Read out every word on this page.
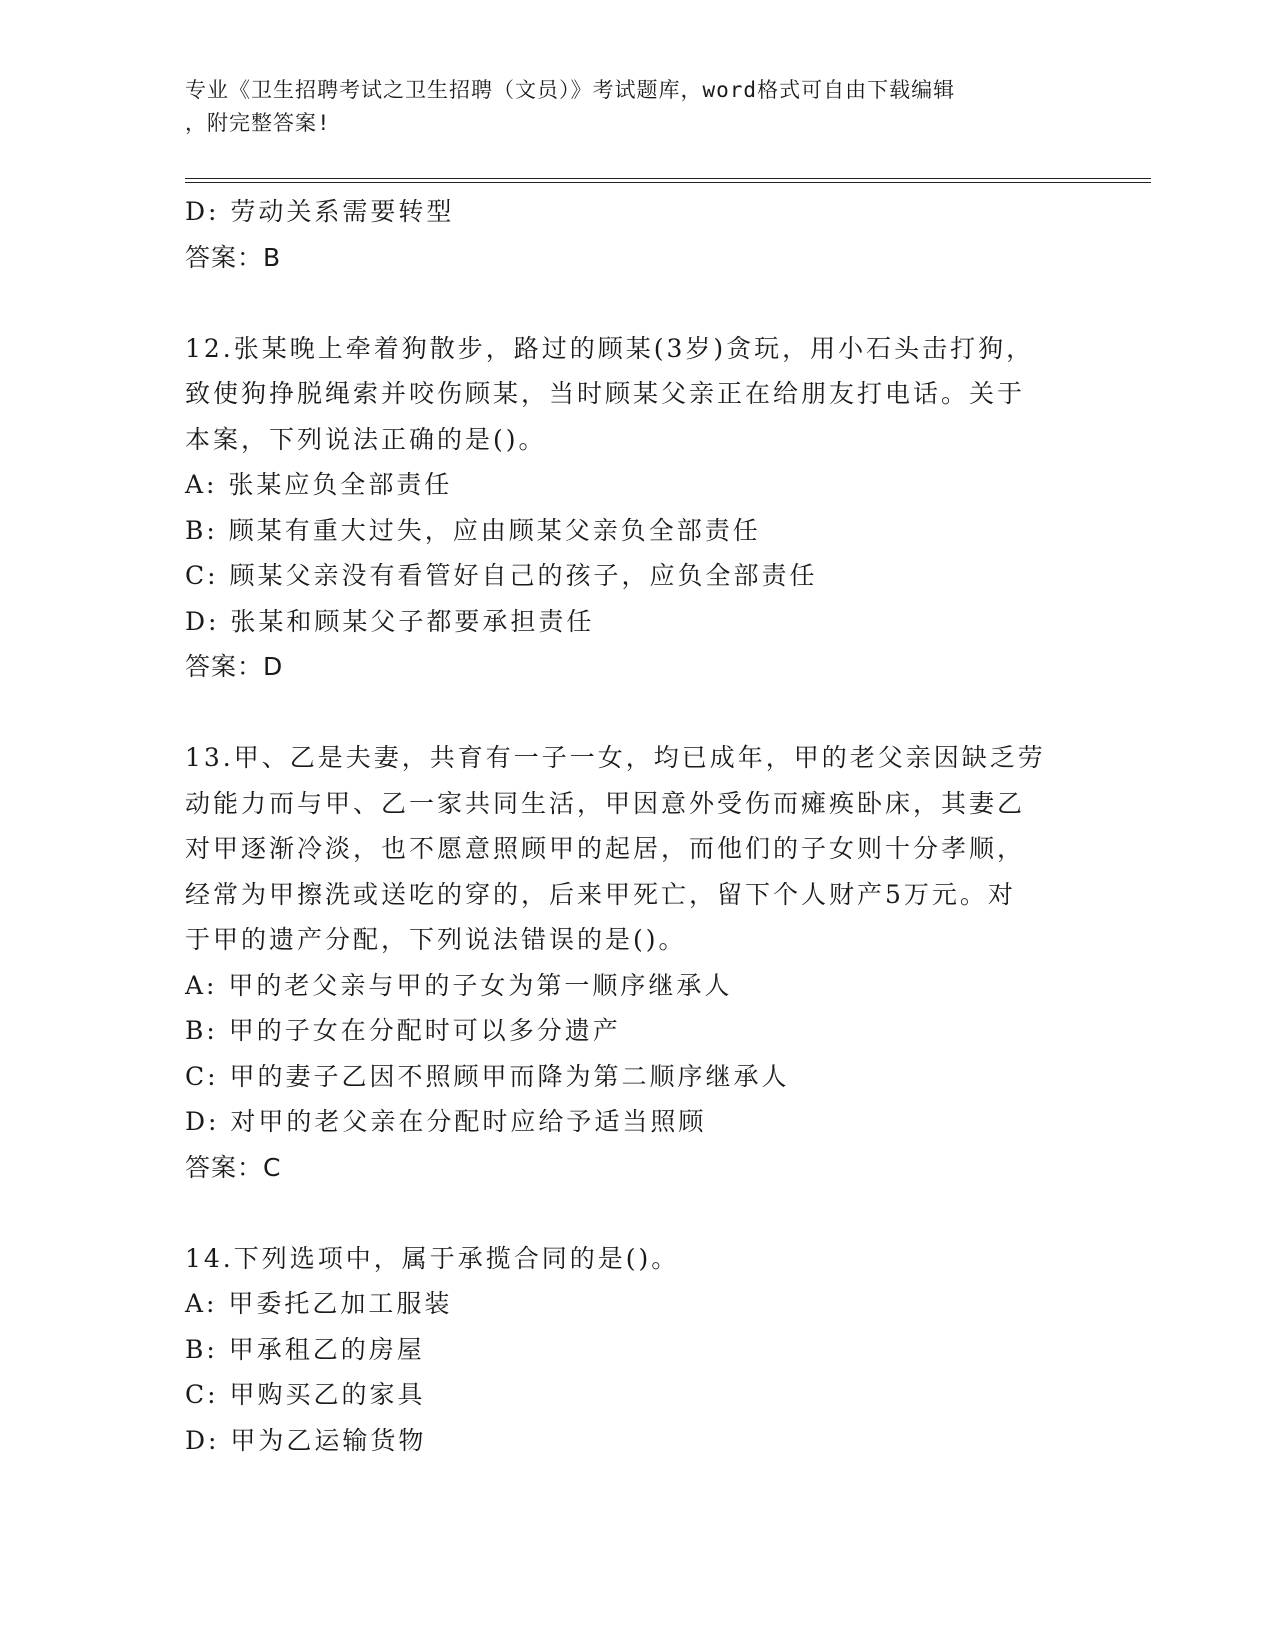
专业《卫生招聘考试之卫生招聘（文员）》考试题库，word格式可自由下载编辑
，附完整答案!
D: 劳动关系需要转型
答案：B
12.张某晚上牵着狗散步，路过的顾某(3岁)贪玩，用小石头击打狗，
致使狗挣脱绳索并咬伤顾某，当时顾某父亲正在给朋友打电话。关于
本案，下列说法正确的是()。
A: 张某应负全部责任
B: 顾某有重大过失，应由顾某父亲负全部责任
C: 顾某父亲没有看管好自己的孩子，应负全部责任
D: 张某和顾某父子都要承担责任
答案：D
13.甲、乙是夫妻，共育有一子一女，均已成年，甲的老父亲因缺乏劳
动能力而与甲、乙一家共同生活，甲因意外受伤而瘫痪卧床，其妻乙
对甲逐渐冷淡，也不愿意照顾甲的起居，而他们的子女则十分孝顺，
经常为甲擦洗或送吃的穿的，后来甲死亡，留下个人财产5万元。对
于甲的遗产分配，下列说法错误的是()。
A: 甲的老父亲与甲的子女为第一顺序继承人
B: 甲的子女在分配时可以多分遗产
C: 甲的妻子乙因不照顾甲而降为第二顺序继承人
D: 对甲的老父亲在分配时应给予适当照顾
答案：C
14.下列选项中，属于承揽合同的是()。
A: 甲委托乙加工服装
B: 甲承租乙的房屋
C: 甲购买乙的家具
D: 甲为乙运输货物
